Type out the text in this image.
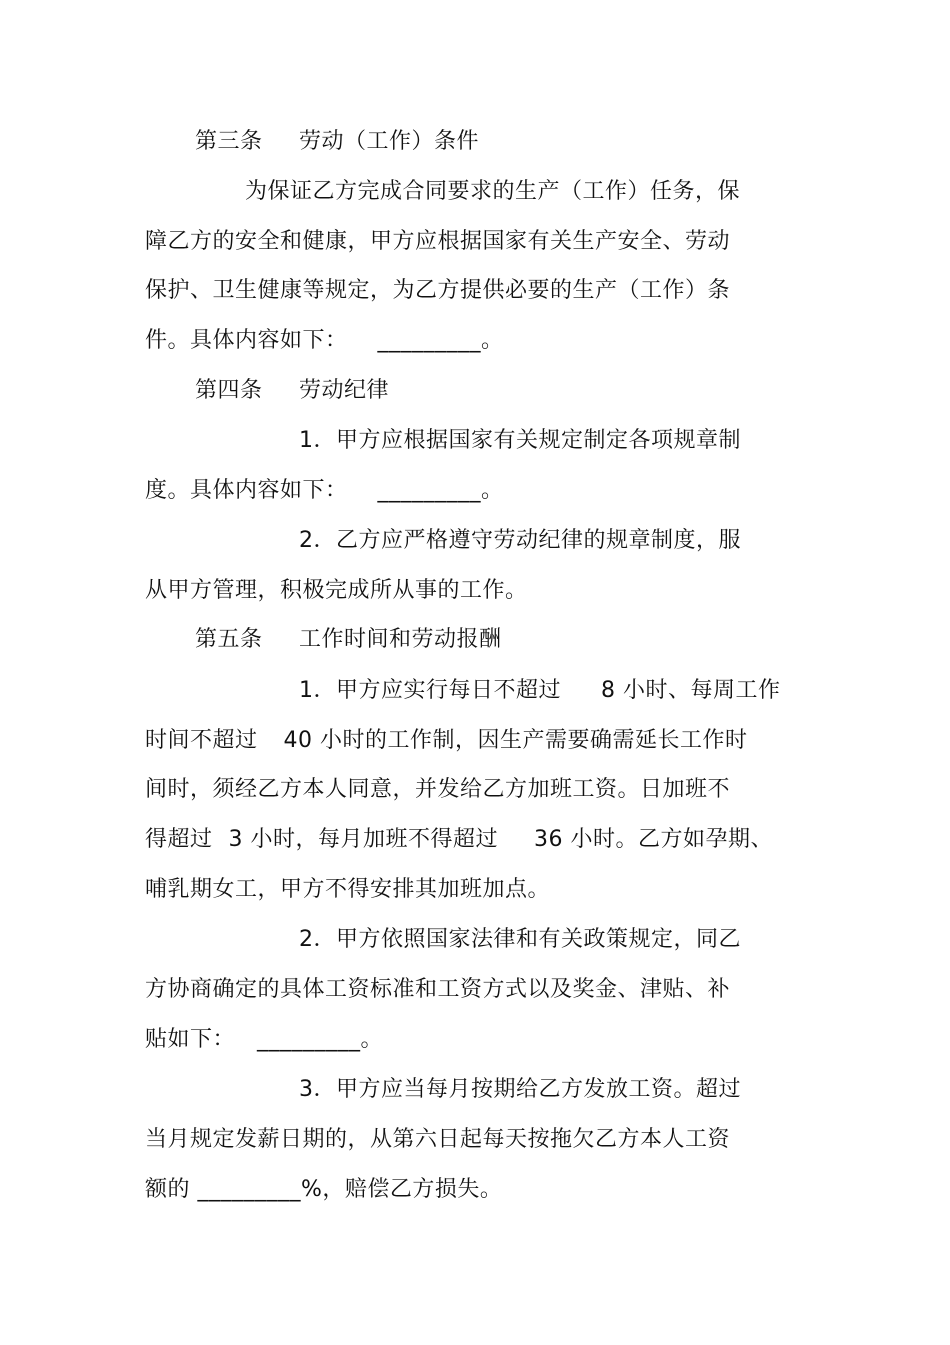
第三条 劳动（工作）条件
为保证乙方完成合同要求的生产（工作）任务，保
障乙方的安全和健康，甲方应根据国家有关生产安全、劳动
保护、卫生健康等规定，为乙方提供必要的生产（工作）条
件。具体内容如下： _________。
第四条 劳动纪律
1．甲方应根据国家有关规定制定各项规章制
度。具体内容如下： _________。
2．乙方应严格遵守劳动纪律的规章制度，服
从甲方管理，积极完成所从事的工作。
第五条 工作时间和劳动报酬
1．甲方应实行每日不超过 8 小时、每周工作
时间不超过 40 小时的工作制，因生产需要确需延长工作时
间时，须经乙方本人同意，并发给乙方加班工资。日加班不
得超过 3 小时，每月加班不得超过 36 小时。乙方如孕期、
哺乳期女工，甲方不得安排其加班加点。
2．甲方依照国家法律和有关政策规定，同乙
方协商确定的具体工资标准和工资方式以及奖金、津贴、补
贴如下： _________。
3．甲方应当每月按期给乙方发放工资。超过
当月规定发薪日期的，从第六日起每天按拖欠乙方本人工资
额的 _________%，赔偿乙方损失。
